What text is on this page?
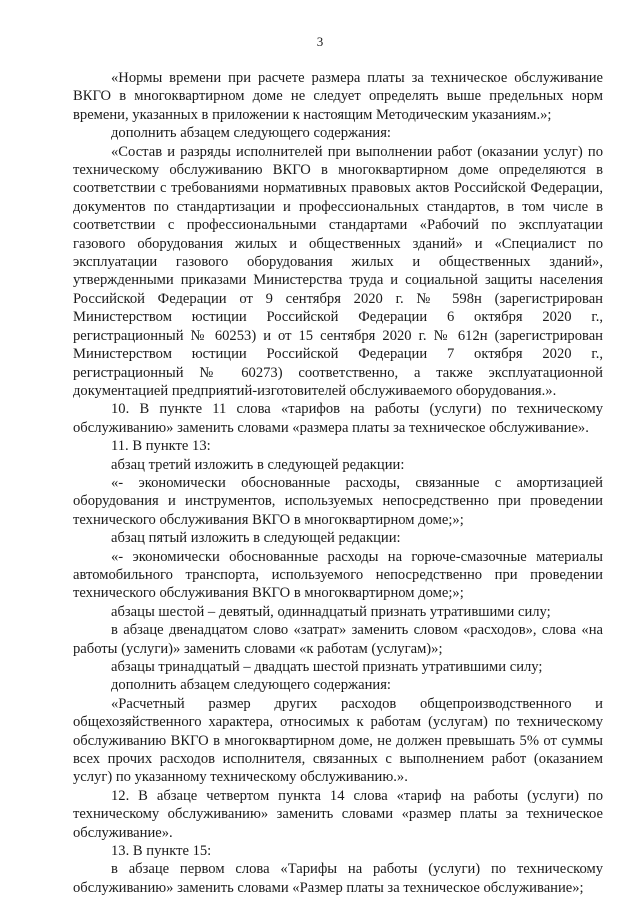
3

«Нормы времени при расчете размера платы за техническое обслуживание ВКГО в многоквартирном доме не следует определять выше предельных норм времени, указанных в приложении к настоящим Методическим указаниям.»;

дополнить абзацем следующего содержания:

«Состав и разряды исполнителей при выполнении работ (оказании услуг) по техническому обслуживанию ВКГО в многоквартирном доме определяются в соответствии с требованиями нормативных правовых актов Российской Федерации, документов по стандартизации и профессиональных стандартов, в том числе в соответствии с профессиональными стандартами «Рабочий по эксплуатации газового оборудования жилых и общественных зданий» и «Специалист по эксплуатации газового оборудования жилых и общественных зданий», утвержденными приказами Министерства труда и социальной защиты населения Российской Федерации от 9 сентября 2020 г. № 598н (зарегистрирован Министерством юстиции Российской Федерации 6 октября 2020 г., регистрационный № 60253) и от 15 сентября 2020 г. № 612н (зарегистрирован Министерством юстиции Российской Федерации 7 октября 2020 г., регистрационный № 60273) соответственно, а также эксплуатационной документацией предприятий-изготовителей обслуживаемого оборудования.».

10. В пункте 11 слова «тарифов на работы (услуги) по техническому обслуживанию» заменить словами «размера платы за техническое обслуживание».

11. В пункте 13:

абзац третий изложить в следующей редакции:

«- экономически обоснованные расходы, связанные с амортизацией оборудования и инструментов, используемых непосредственно при проведении технического обслуживания ВКГО в многоквартирном доме;»;

абзац пятый изложить в следующей редакции:

«- экономически обоснованные расходы на горюче-смазочные материалы автомобильного транспорта, используемого непосредственно при проведении технического обслуживания ВКГО в многоквартирном доме;»;

абзацы шестой – девятый, одиннадцатый признать утратившими силу;

в абзаце двенадцатом слово «затрат» заменить словом «расходов», слова «на работы (услуги)» заменить словами «к работам (услугам)»;

абзацы тринадцатый – двадцать шестой признать утратившими силу;

дополнить абзацем следующего содержания:

«Расчетный размер других расходов общепроизводственного и общехозяйственного характера, относимых к работам (услугам) по техническому обслуживанию ВКГО в многоквартирном доме, не должен превышать 5% от суммы всех прочих расходов исполнителя, связанных с выполнением работ (оказанием услуг) по указанному техническому обслуживанию.».

12. В абзаце четвертом пункта 14 слова «тариф на работы (услуги) по техническому обслуживанию» заменить словами «размер платы за техническое обслуживание».

13. В пункте 15:

в абзаце первом слова «Тарифы на работы (услуги) по техническому обслуживанию» заменить словами «Размер платы за техническое обслуживание»;
